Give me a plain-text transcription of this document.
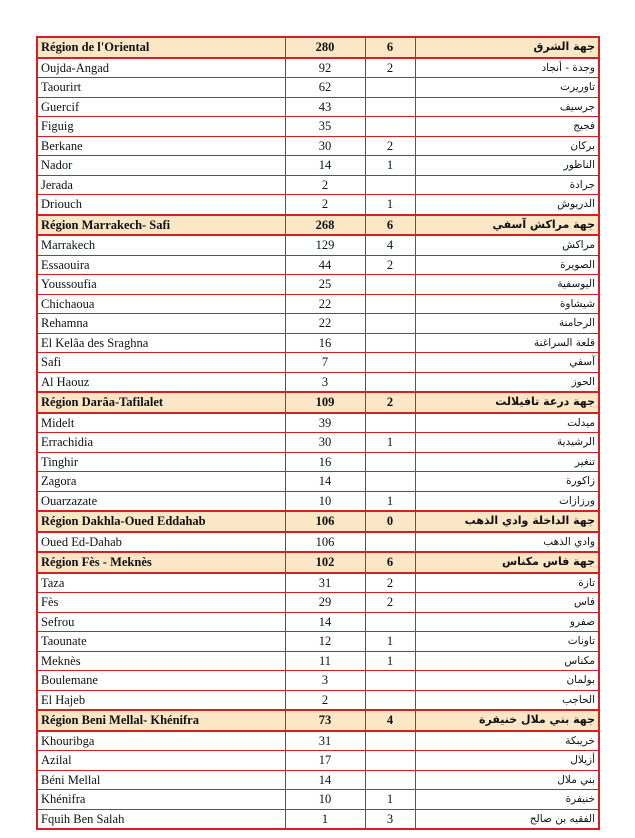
Région de l'Oriental	280	6	جهة الشرق
Oujda-Angad	92	2	وجدة - أنجاد
Taourirt	62		تاوريرت
Guercif	43		جرسيف
Figuig	35		فجيج
Berkane	30	2	بركان
Nador	14	1	الناظور
Jerada	2		جرادة
Driouch	2	1	الدريوش
Région Marrakech- Safi	268	6	جهة مراكش آسفي
Marrakech	129	4	مراكش
Essaouira	44	2	الصويرة
Youssoufia	25		اليوسفية
Chichaoua	22		شيشاوة
Rehamna	22		الرحامنة
El Kelâa des Sraghna	16		قلعة السراغنة
Safi	7		آسفي
Al Haouz	3		الحوز
Région Darâa-Tafilalet	109	2	جهة درعة تافيلالت
Midelt	39		ميدلت
Errachidia	30	1	الرشيدية
Tinghir	16		تنغير
Zagora	14		زاكورة
Ouarzazate	10	1	ورزازات
Région Dakhla-Oued Eddahab	106	0	جهة الداخلة وادي الذهب
Oued Ed-Dahab	106		وادي الذهب
Région Fès - Meknès	102	6	جهة فاس مكناس
Taza	31	2	تازة
Fès	29	2	فاس
Sefrou	14		صفرو
Taounate	12	1	تاونات
Meknès	11	1	مكناس
Boulemane	3		بولمان
El Hajeb	2		الحاجب
Région Beni Mellal- Khénifra	73	4	جهة بني ملال خنيفرة
Khouribga	31		خريبكة
Azilal	17		أزيلال
Béni Mellal	14		بني ملال
Khénifra	10	1	خنيفرة
Fquih Ben Salah	1	3	الفقيه بن صالح
